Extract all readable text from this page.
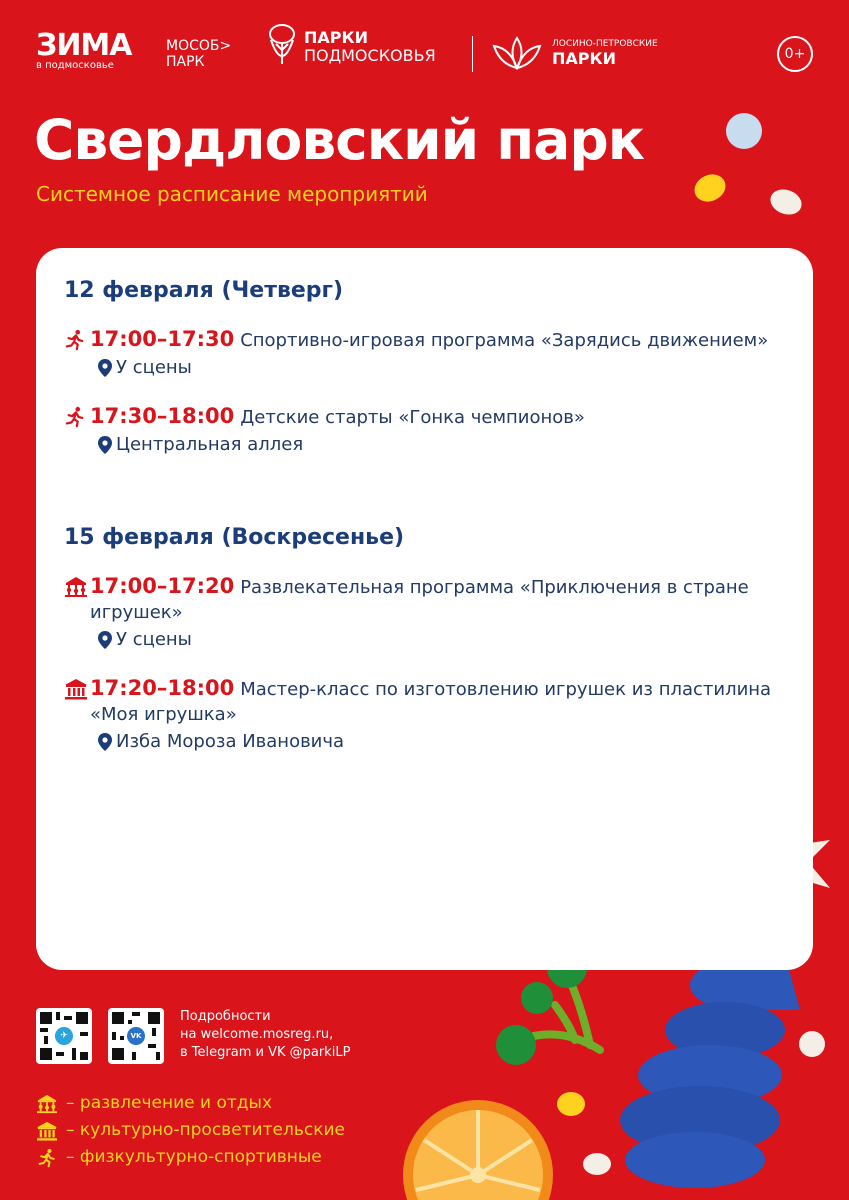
ЗИМА
в подмосковье
МОСОБ>
ПАРК
ПАРКИ
ПОДМОСКОВЬЯ
ЛОСИНО-ПЕТРОВСКИЕ
ПАРКИ	0+
Свердловский парк
Системное расписание мероприятий
12 февраля (Четверг)
17:00–17:30 Спортивно-игровая программа «Зарядись движением»
У сцены
17:30–18:00 Детские старты «Гонка чемпионов»
Центральная аллея
15 февраля (Воскресенье)
17:00–17:20 Развлекательная программа «Приключения в стране игрушек»
У сцены
17:20–18:00 Мастер-класс по изготовлению игрушек из пластилина «Моя игрушка»
Изба Мороза Ивановича
✈	VK
Подробности
на welcome.mosreg.ru,
в Telegram и VK @parkiLP
– развлечение и отдых
– культурно-просветительские
– физкультурно-спортивные
